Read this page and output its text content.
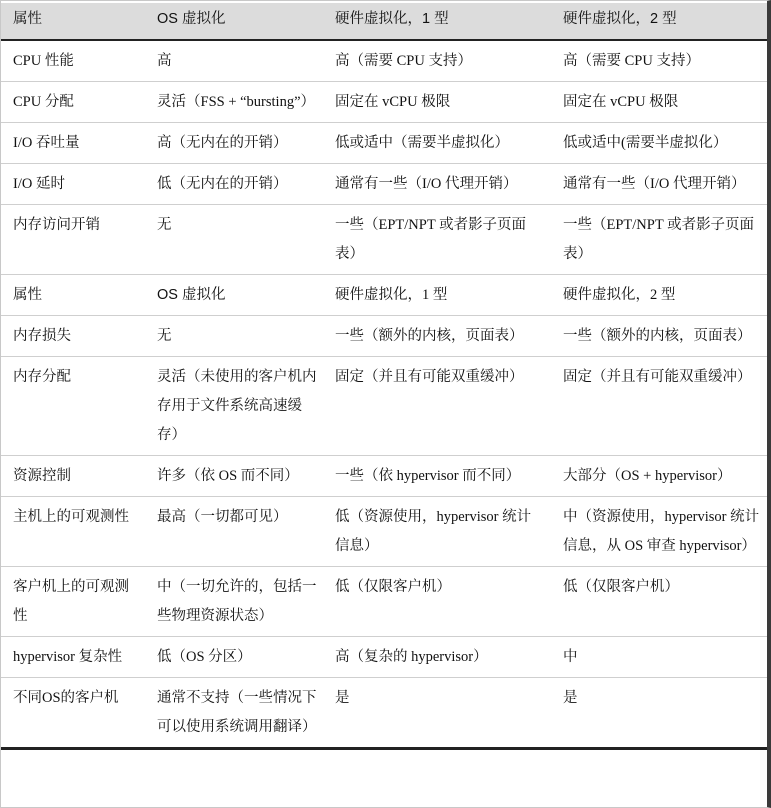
属性	OS 虚拟化	硬件虚拟化，1 型	硬件虚拟化，2 型
CPU 性能	高	高（需要 CPU 支持）	高（需要 CPU 支持）
CPU 分配	灵活（FSS + “bursting”）	固定在 vCPU 极限	固定在 vCPU 极限
I/O 吞吐量	高（无内在的开销）	低或适中（需要半虚拟化）	低或适中(需要半虚拟化）
I/O 延时	低（无内在的开销）	通常有一些（I/O 代理开销）	通常有一些（I/O 代理开销）
内存访问开销	无	一些（EPT/NPT 或者影子页面表）	一些（EPT/NPT 或者影子页面表）
属性	OS 虚拟化	硬件虚拟化，1 型	硬件虚拟化，2 型
内存损失	无	一些（额外的内核，页面表）	一些（额外的内核，页面表）
内存分配	灵活（未使用的客户机内存用于文件系统高速缓存）	固定（并且有可能双重缓冲）	固定（并且有可能双重缓冲）
资源控制	许多（依 OS 而不同）	一些（依 hypervisor 而不同）	大部分（OS + hypervisor）
主机上的可观测性	最高（一切都可见）	低（资源使用，hypervisor 统计信息）	中（资源使用，hypervisor 统计信息，从 OS 审查 hypervisor）
客户机上的可观测性	中（一切允许的，包括一些物理资源状态）	低（仅限客户机）	低（仅限客户机）
hypervisor 复杂性	低（OS 分区）	高（复杂的 hypervisor）	中
不同OS的客户机	通常不支持（一些情况下可以使用系统调用翻译）	是	是
